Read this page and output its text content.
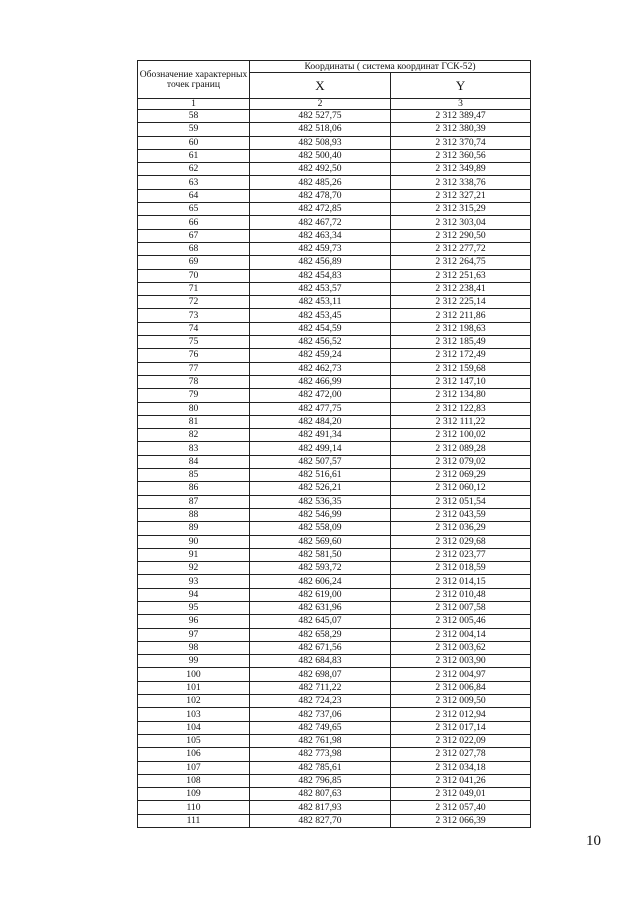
Обозначение характерных точек границ	Координаты ( система координат ГСК-52)	
	X	Y
1	2	3
58	482 527,75	2 312 389,47
59	482 518,06	2 312 380,39
60	482 508,93	2 312 370,74
61	482 500,40	2 312 360,56
62	482 492,50	2 312 349,89
63	482 485,26	2 312 338,76
64	482 478,70	2 312 327,21
65	482 472,85	2 312 315,29
66	482 467,72	2 312 303,04
67	482 463,34	2 312 290,50
68	482 459,73	2 312 277,72
69	482 456,89	2 312 264,75
70	482 454,83	2 312 251,63
71	482 453,57	2 312 238,41
72	482 453,11	2 312 225,14
73	482 453,45	2 312 211,86
74	482 454,59	2 312 198,63
75	482 456,52	2 312 185,49
76	482 459,24	2 312 172,49
77	482 462,73	2 312 159,68
78	482 466,99	2 312 147,10
79	482 472,00	2 312 134,80
80	482 477,75	2 312 122,83
81	482 484,20	2 312 111,22
82	482 491,34	2 312 100,02
83	482 499,14	2 312 089,28
84	482 507,57	2 312 079,02
85	482 516,61	2 312 069,29
86	482 526,21	2 312 060,12
87	482 536,35	2 312 051,54
88	482 546,99	2 312 043,59
89	482 558,09	2 312 036,29
90	482 569,60	2 312 029,68
91	482 581,50	2 312 023,77
92	482 593,72	2 312 018,59
93	482 606,24	2 312 014,15
94	482 619,00	2 312 010,48
95	482 631,96	2 312 007,58
96	482 645,07	2 312 005,46
97	482 658,29	2 312 004,14
98	482 671,56	2 312 003,62
99	482 684,83	2 312 003,90
100	482 698,07	2 312 004,97
101	482 711,22	2 312 006,84
102	482 724,23	2 312 009,50
103	482 737,06	2 312 012,94
104	482 749,65	2 312 017,14
105	482 761,98	2 312 022,09
106	482 773,98	2 312 027,78
107	482 785,61	2 312 034,18
108	482 796,85	2 312 041,26
109	482 807,63	2 312 049,01
110	482 817,93	2 312 057,40
111	482 827,70	2 312 066,39
10
